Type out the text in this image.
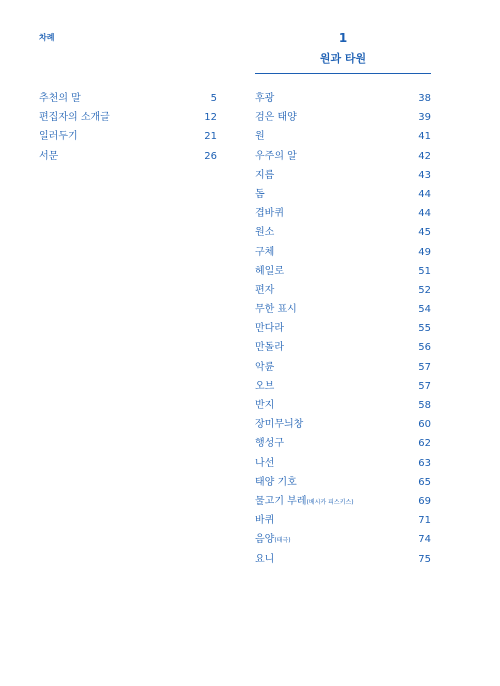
차례
추천의 말	5
편집자의 소개글	12
일러두기	21
서문	26
1
원과 타원
후광	38
검은 태양	39
원	41
우주의 알	42
지름	43
돔	44
겹바퀴	44
원소	45
구체	49
헤일로	51
편자	52
무한 표시	54
만다라	55
만돌라	56
악륜	57
오브	57
반지	58
장미무늬창	60
행성구	62
나선	63
태양 기호	65
물고기 부레(베시카 피스키스)	69
바퀴	71
음양(태극)	74
요니	75
